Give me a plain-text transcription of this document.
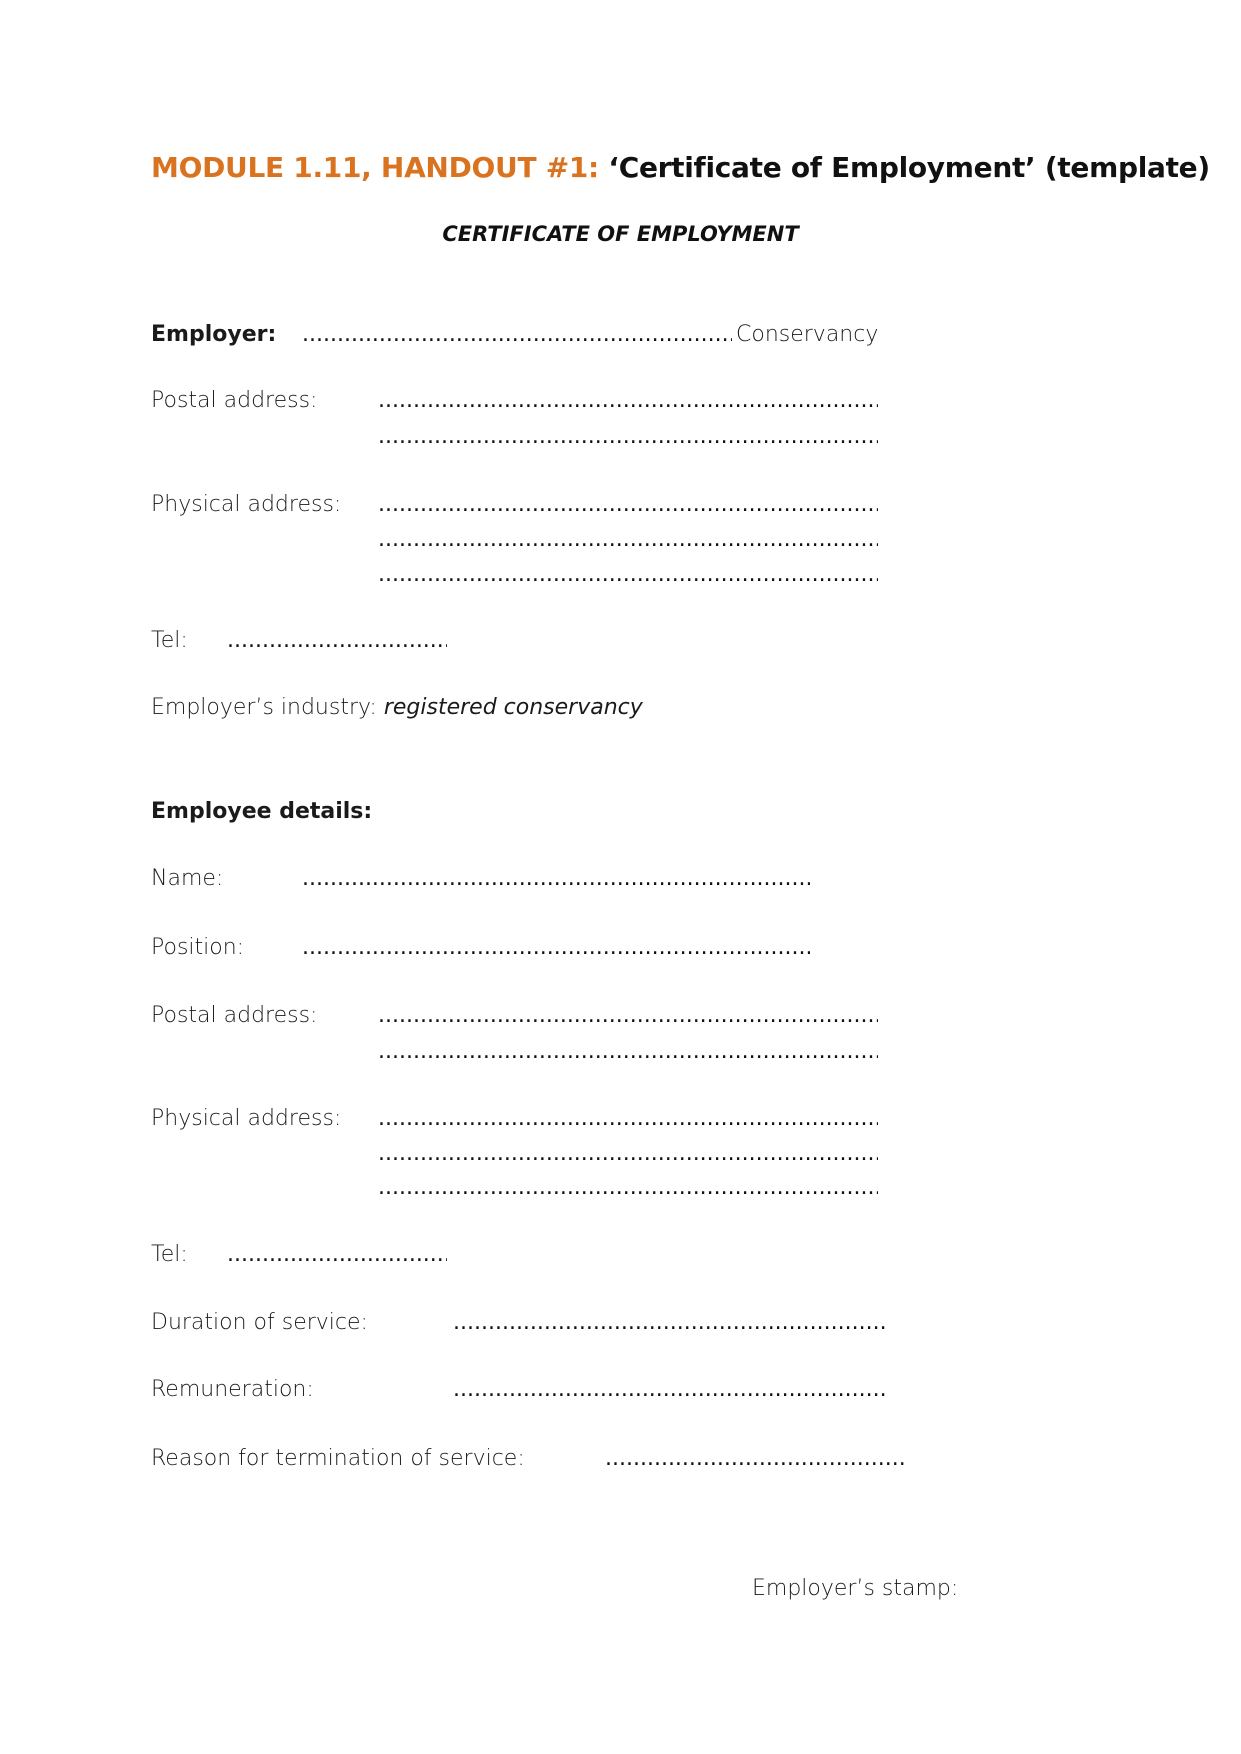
MODULE 1.11, HANDOUT #1: ‘Certificate of Employment’ (template)
CERTIFICATE OF EMPLOYMENT
Employer: .....	Conservancy
Postal address:
.....
.....
Physical address:
.....
.....
.....
Tel:
.....
Employer’s industry: registered conservancy
Employee details:
Name:
.....
Position:
.....
Postal address:
.....
.....
Physical address:
.....
.....
.....
Tel:
.....
Duration of service:
.....
Remuneration:
.....
Reason for termination of service:
.....
Employer’s stamp:
